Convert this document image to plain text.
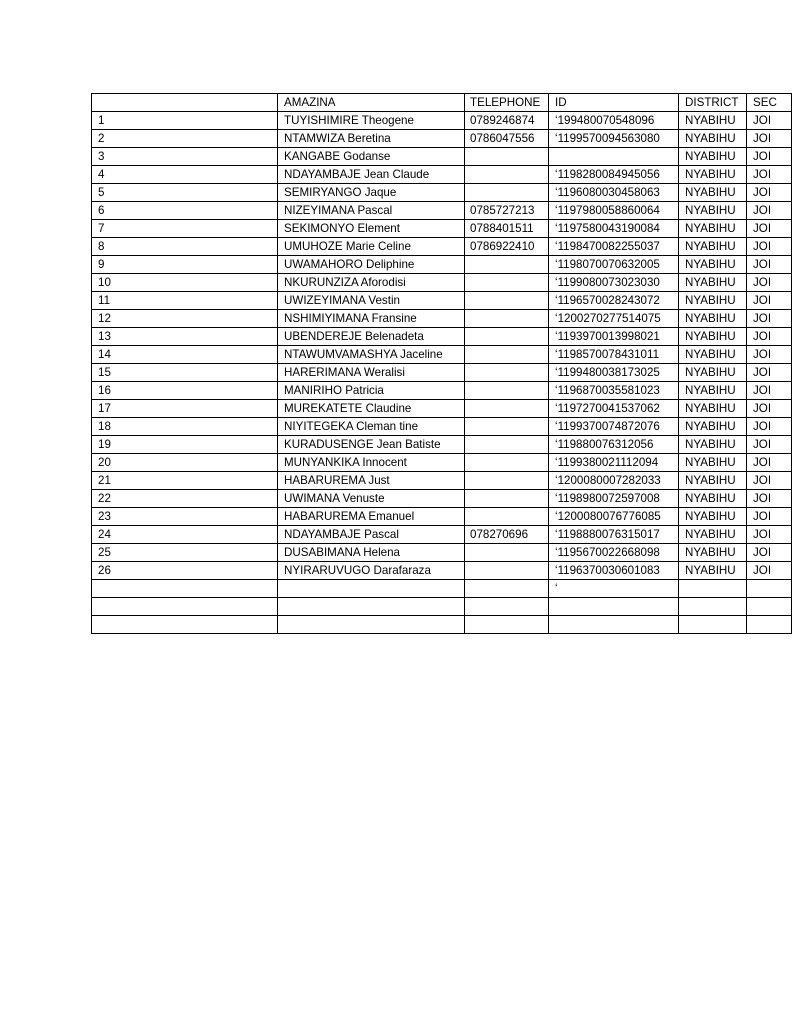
	AMAZINA	TELEPHONE	ID	DISTRICT	SEC
1	TUYISHIMIRE Theogene	0789246874	‘199480070548096	NYABIHU	JOI
2	NTAMWIZA Beretina	0786047556	‘1199570094563080	NYABIHU	JOI
3	KANGABE Godanse			NYABIHU	JOI
4	NDAYAMBAJE Jean Claude		‘1198280084945056	NYABIHU	JOI
5	SEMIRYANGO Jaque		‘1196080030458063	NYABIHU	JOI
6	NIZEYIMANA Pascal	0785727213	‘1197980058860064	NYABIHU	JOI
7	SEKIMONYO Element	0788401511	‘1197580043190084	NYABIHU	JOI
8	UMUHOZE Marie Celine	0786922410	‘1198470082255037	NYABIHU	JOI
9	UWAMAHORO Deliphine		‘1198070070632005	NYABIHU	JOI
10	NKURUNZIZA Aforodisi		‘1199080073023030	NYABIHU	JOI
11	UWIZEYIMANA Vestin		‘1196570028243072	NYABIHU	JOI
12	NSHIMIYIMANA Fransine		‘1200270277514075	NYABIHU	JOI
13	UBENDEREJE Belenadeta		‘1193970013998021	NYABIHU	JOI
14	NTAWUMVAMASHYA Jaceline		‘1198570078431011	NYABIHU	JOI
15	HARERIMANA Weralisi		‘1199480038173025	NYABIHU	JOI
16	MANIRIHO Patricia		‘1196870035581023	NYABIHU	JOI
17	MUREKATETE Claudine		‘1197270041537062	NYABIHU	JOI
18	NIYITEGEKA Cleman tine		‘1199370074872076	NYABIHU	JOI
19	KURADUSENGE Jean Batiste		‘119880076312056	NYABIHU	JOI
20	MUNYANKIKA Innocent		‘1199380021112094	NYABIHU	JOI
21	HABARUREMA Just		‘1200080007282033	NYABIHU	JOI
22	UWIMANA Venuste		‘1198980072597008	NYABIHU	JOI
23	HABARUREMA Emanuel		‘1200080076776085	NYABIHU	JOI
24	NDAYAMBAJE Pascal	078270696	‘1198880076315017	NYABIHU	JOI
25	DUSABIMANA Helena		‘1195670022668098	NYABIHU	JOI
26	NYIRARUVUGO Darafaraza		‘1196370030601083	NYABIHU	JOI
			‘		
